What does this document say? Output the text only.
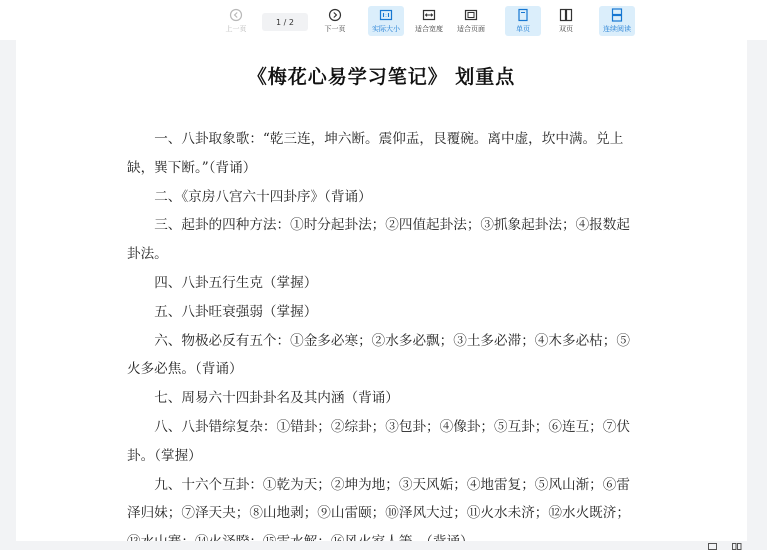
上一页
1 / 2
下一页	实际大小 适合宽度 适合页面	单页	双页	连续阅读
《梅花心易学习笔记》 划重点

一、八卦取象歌：“乾三连，坤六断。震仰盂，艮覆碗。离中虚，坎中满。兑上缺，巽下断。”（背诵）

二、《京房八宫六十四卦序》（背诵）

三、起卦的四种方法：①时分起卦法；②四值起卦法；③抓象起卦法；④报数起卦法。

四、八卦五行生克（掌握）

五、八卦旺衰强弱（掌握）

六、物极必反有五个：①金多必寒；②水多必飘；③土多必滞；④木多必枯；⑤火多必焦。（背诵）

七、周易六十四卦卦名及其内涵（背诵）

八、八卦错综复杂：①错卦；②综卦；③包卦；④像卦；⑤互卦；⑥连互；⑦伏卦。（掌握）

九、十六个互卦：①乾为天；②坤为地；③天风姤；④地雷复；⑤风山渐；⑥雷泽归妹；⑦泽天夬；⑧山地剥；⑨山雷颐；⑩泽风大过；⑪火水未济；⑫水火既济；
